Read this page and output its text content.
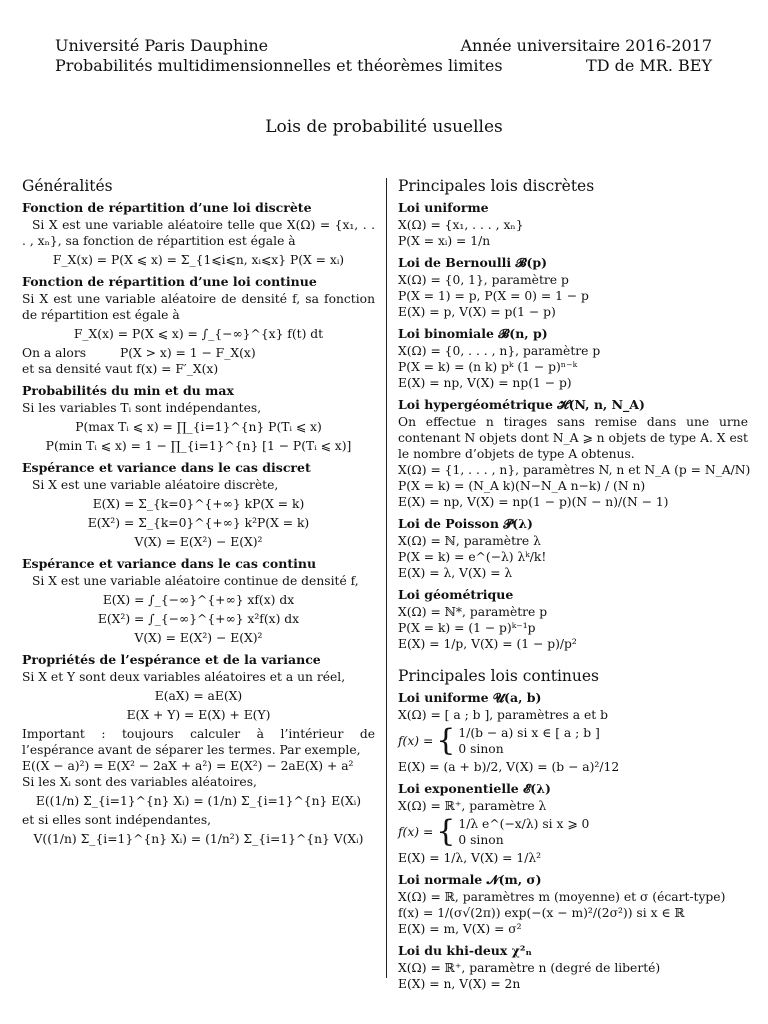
Université Paris Dauphine
Probabilités multidimensionnelles et théorèmes limites
Année universitaire 2016-2017
TD de MR. BEY
Lois de probabilité usuelles
Généralités
Fonction de répartition d’une loi discrète
Si X est une variable aléatoire telle que X(Ω) = {x₁, . . . , xₙ}, sa fonction de répartition est égale à
F_X(x) = P(X ⩽ x) = Σ_{1⩽i⩽n, xᵢ⩽x} P(X = xᵢ)
Fonction de répartition d’une loi continue
Si X est une variable aléatoire de densité f, sa fonction de répartition est égale à
F_X(x) = P(X ⩽ x) = ∫_{−∞}^{x} f(t) dt
On a alors	P(X > x) = 1 − F_X(x)
et sa densité vaut f(x) = F′_X(x)
Probabilités du min et du max
Si les variables Tᵢ sont indépendantes,
P(max Tᵢ ⩽ x) = ∏_{i=1}^{n} P(Tᵢ ⩽ x)
P(min Tᵢ ⩽ x) = 1 − ∏_{i=1}^{n} [1 − P(Tᵢ ⩽ x)]
Espérance et variance dans le cas discret
Si X est une variable aléatoire discrète,
E(X) = Σ_{k=0}^{+∞} kP(X = k)
E(X²) = Σ_{k=0}^{+∞} k²P(X = k)
V(X) = E(X²) − E(X)²
Espérance et variance dans le cas continu
Si X est une variable aléatoire continue de densité f,
E(X) = ∫_{−∞}^{+∞} xf(x) dx
E(X²) = ∫_{−∞}^{+∞} x²f(x) dx
V(X) = E(X²) − E(X)²
Propriétés de l’espérance et de la variance
Si X et Y sont deux variables aléatoires et a un réel,
E(aX) = aE(X)
E(X + Y) = E(X) + E(Y)
Important : toujours calculer à l’intérieur de l’espérance avant de séparer les termes. Par exemple,
E((X − a)²) = E(X² − 2aX + a²) = E(X²) − 2aE(X) + a²
Si les Xᵢ sont des variables aléatoires,
E((1/n) Σ_{i=1}^{n} Xᵢ) = (1/n) Σ_{i=1}^{n} E(Xᵢ)
et si elles sont indépendantes,
V((1/n) Σ_{i=1}^{n} Xᵢ) = (1/n²) Σ_{i=1}^{n} V(Xᵢ)
Principales lois discrètes
Loi uniforme
X(Ω) = {x₁, . . . , xₙ}
P(X = xᵢ) = 1/n
Loi de Bernoulli 𝓑(p)
X(Ω) = {0, 1}, paramètre p
P(X = 1) = p, P(X = 0) = 1 − p
E(X) = p, V(X) = p(1 − p)
Loi binomiale 𝓑(n, p)
X(Ω) = {0, . . . , n}, paramètre p
P(X = k) = (n k) pᵏ (1 − p)ⁿ⁻ᵏ
E(X) = np, V(X) = np(1 − p)
Loi hypergéométrique 𝓗(N, n, N_A)
On effectue n tirages sans remise dans une urne contenant N objets dont N_A ⩾ n objets de type A. X est le nombre d’objets de type A obtenus.
X(Ω) = {1, . . . , n}, paramètres N, n et N_A (p = N_A/N)
P(X = k) = (N_A k)(N−N_A n−k) / (N n)
E(X) = np, V(X) = np(1 − p)(N − n)/(N − 1)
Loi de Poisson 𝓟(λ)
X(Ω) = ℕ, paramètre λ
P(X = k) = e^(−λ) λᵏ/k!
E(X) = λ, V(X) = λ
Loi géométrique
X(Ω) = ℕ*, paramètre p
P(X = k) = (1 − p)ᵏ⁻¹p
E(X) = 1/p, V(X) = (1 − p)/p²
Principales lois continues
Loi uniforme 𝓤(a, b)
X(Ω) = [ a ; b ], paramètres a et b
f(x) = { 1/(b − a) si x ∈ [ a ; b ]
0 sinon
E(X) = (a + b)/2, V(X) = (b − a)²/12
Loi exponentielle 𝓔(λ)
X(Ω) = ℝ⁺, paramètre λ
f(x) = { 1/λ e^(−x/λ) si x ⩾ 0
0 sinon
E(X) = 1/λ, V(X) = 1/λ²
Loi normale 𝓝(m, σ)
X(Ω) = ℝ, paramètres m (moyenne) et σ (écart-type)
f(x) = 1/(σ√(2π)) exp(−(x − m)²/(2σ²)) si x ∈ ℝ
E(X) = m, V(X) = σ²
Loi du khi-deux χ²ₙ
X(Ω) = ℝ⁺, paramètre n (degré de liberté)
E(X) = n, V(X) = 2n
